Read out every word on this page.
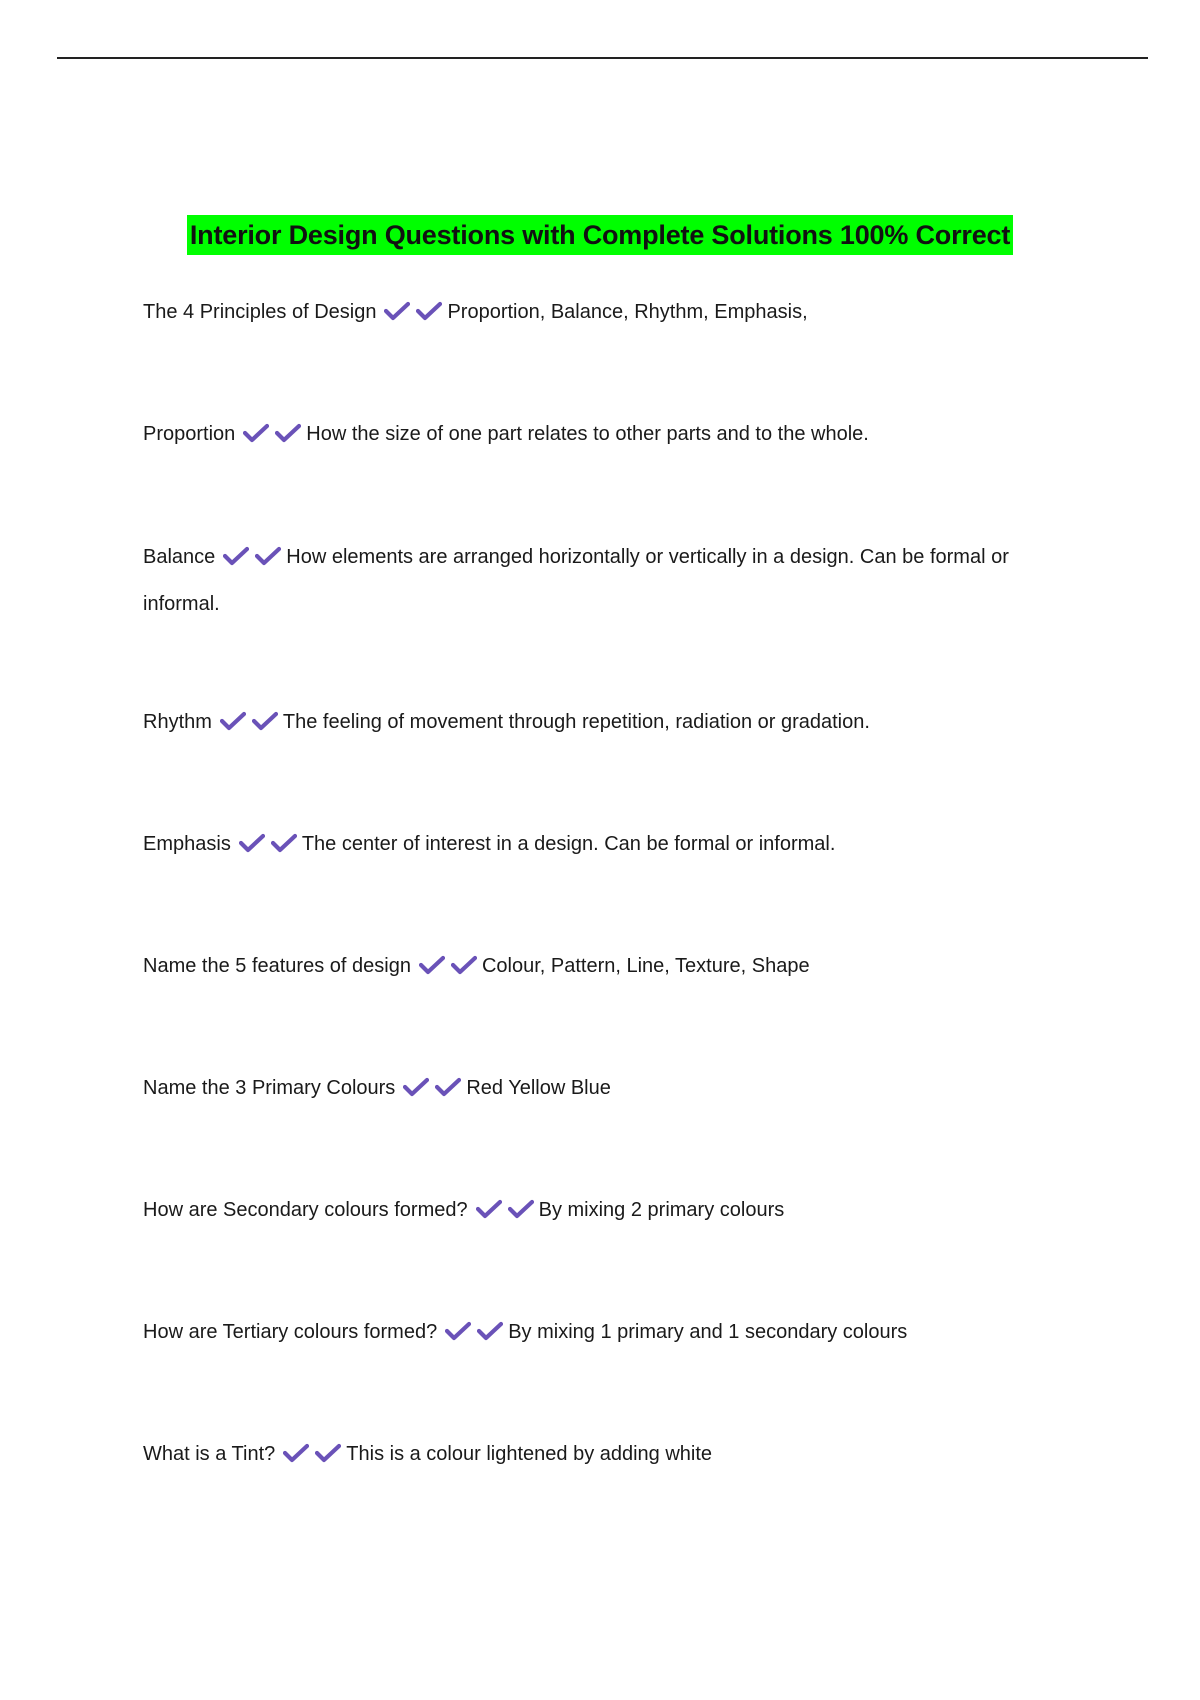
Interior Design Questions with Complete Solutions 100% Correct
The 4 Principles of Design	Proportion, Balance, Rhythm, Emphasis,
Proportion	How the size of one part relates to other parts and to the whole.
Balance	How elements are arranged horizontally or vertically in a design. Can be formal or informal.
Rhythm	The feeling of movement through repetition, radiation or gradation.
Emphasis	The center of interest in a design. Can be formal or informal.
Name the 5 features of design	Colour, Pattern, Line, Texture, Shape
Name the 3 Primary Colours	Red Yellow Blue
How are Secondary colours formed?	By mixing 2 primary colours
How are Tertiary colours formed?	By mixing 1 primary and 1 secondary colours
What is a Tint?	This is a colour lightened by adding white
